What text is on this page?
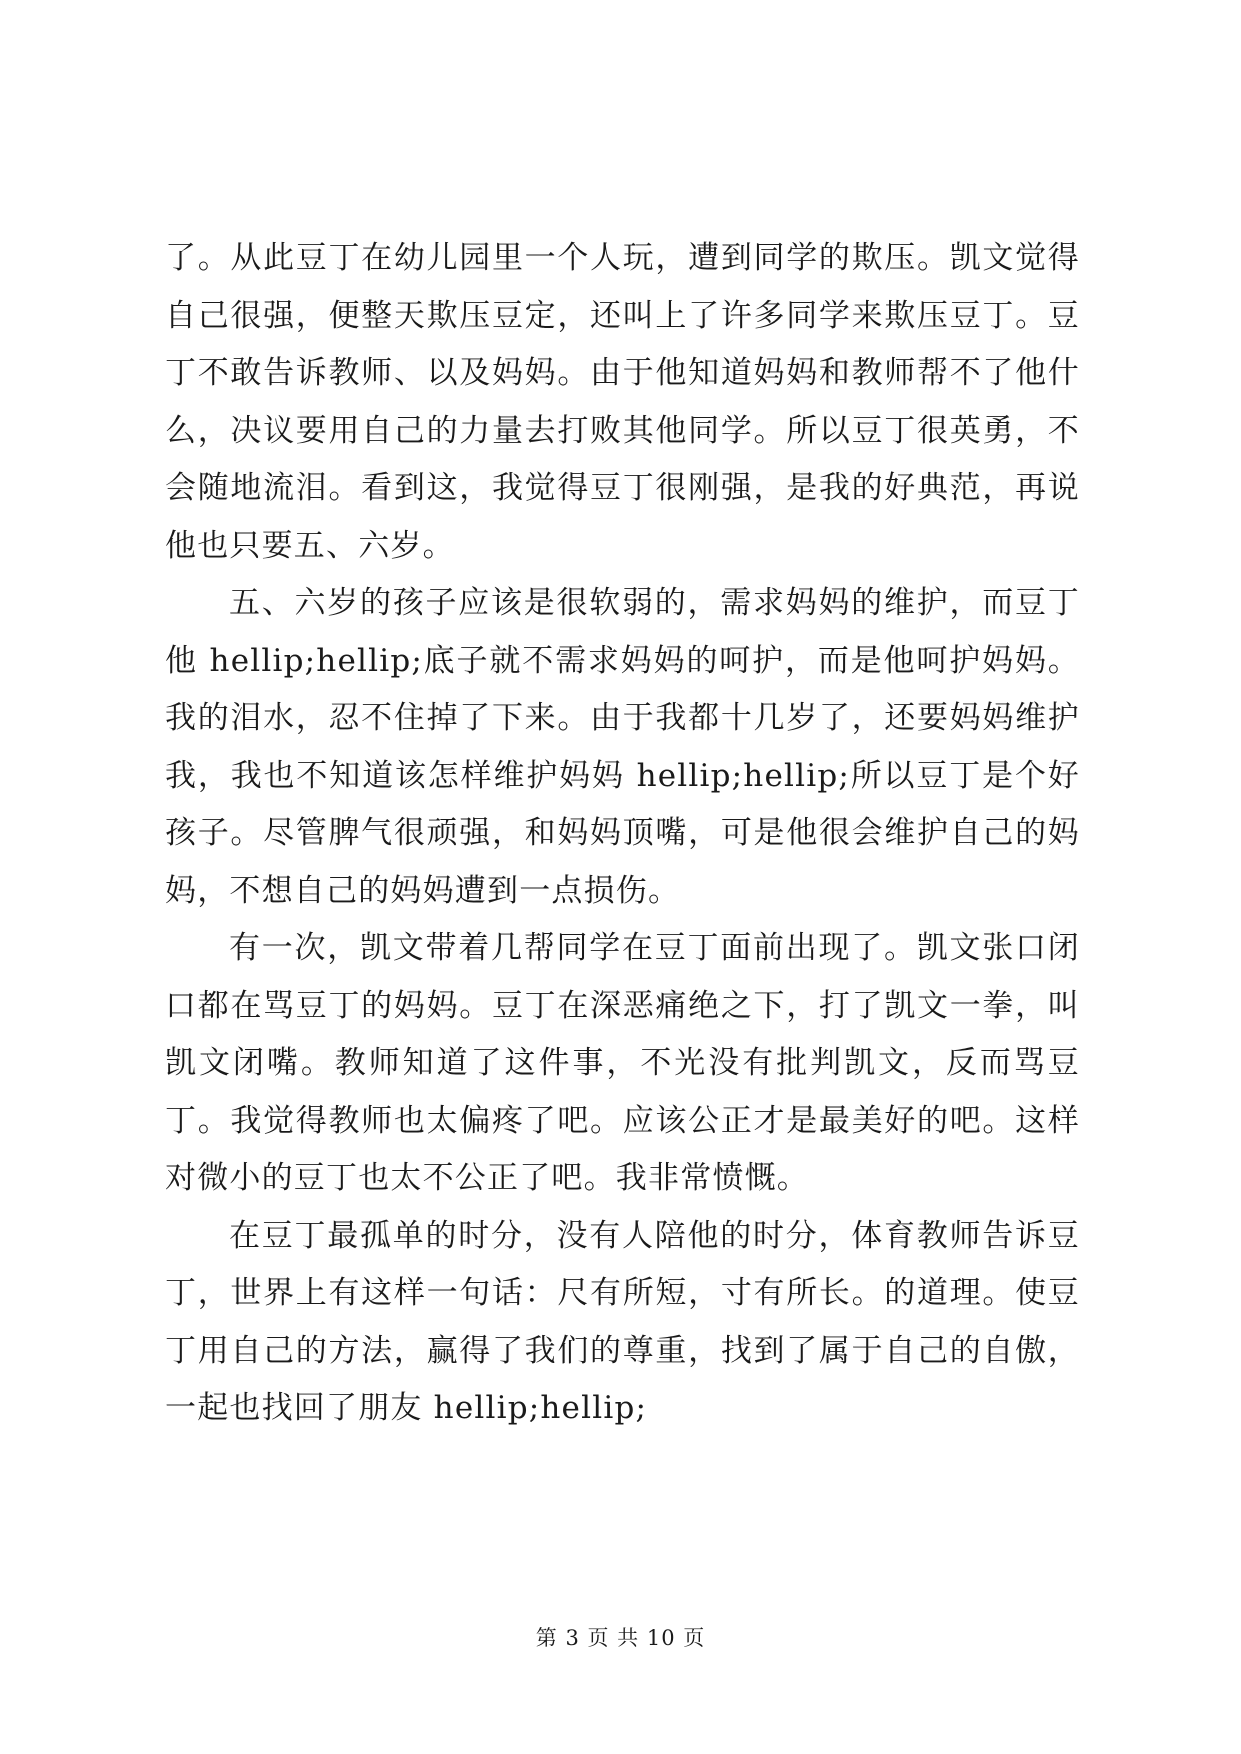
了。从此豆丁在幼儿园里一个人玩，遭到同学的欺压。凯文觉得自己很强，便整天欺压豆定，还叫上了许多同学来欺压豆丁。豆丁不敢告诉教师、以及妈妈。由于他知道妈妈和教师帮不了他什么，决议要用自己的力量去打败其他同学。所以豆丁很英勇，不会随地流泪。看到这，我觉得豆丁很刚强，是我的好典范，再说他也只要五、六岁。

五、六岁的孩子应该是很软弱的，需求妈妈的维护，而豆丁他 hellip;hellip;底子就不需求妈妈的呵护，而是他呵护妈妈。我的泪水，忍不住掉了下来。由于我都十几岁了，还要妈妈维护我，我也不知道该怎样维护妈妈 hellip;hellip;所以豆丁是个好孩子。尽管脾气很顽强，和妈妈顶嘴，可是他很会维护自己的妈妈，不想自己的妈妈遭到一点损伤。

有一次，凯文带着几帮同学在豆丁面前出现了。凯文张口闭口都在骂豆丁的妈妈。豆丁在深恶痛绝之下，打了凯文一拳，叫凯文闭嘴。教师知道了这件事，不光没有批判凯文，反而骂豆丁。我觉得教师也太偏疼了吧。应该公正才是最美好的吧。这样对微小的豆丁也太不公正了吧。我非常愤慨。

在豆丁最孤单的时分，没有人陪他的时分，体育教师告诉豆丁，世界上有这样一句话：尺有所短，寸有所长。的道理。使豆丁用自己的方法，赢得了我们的尊重，找到了属于自己的自傲，一起也找回了朋友 hellip;hellip;

第 3 页 共 10 页
